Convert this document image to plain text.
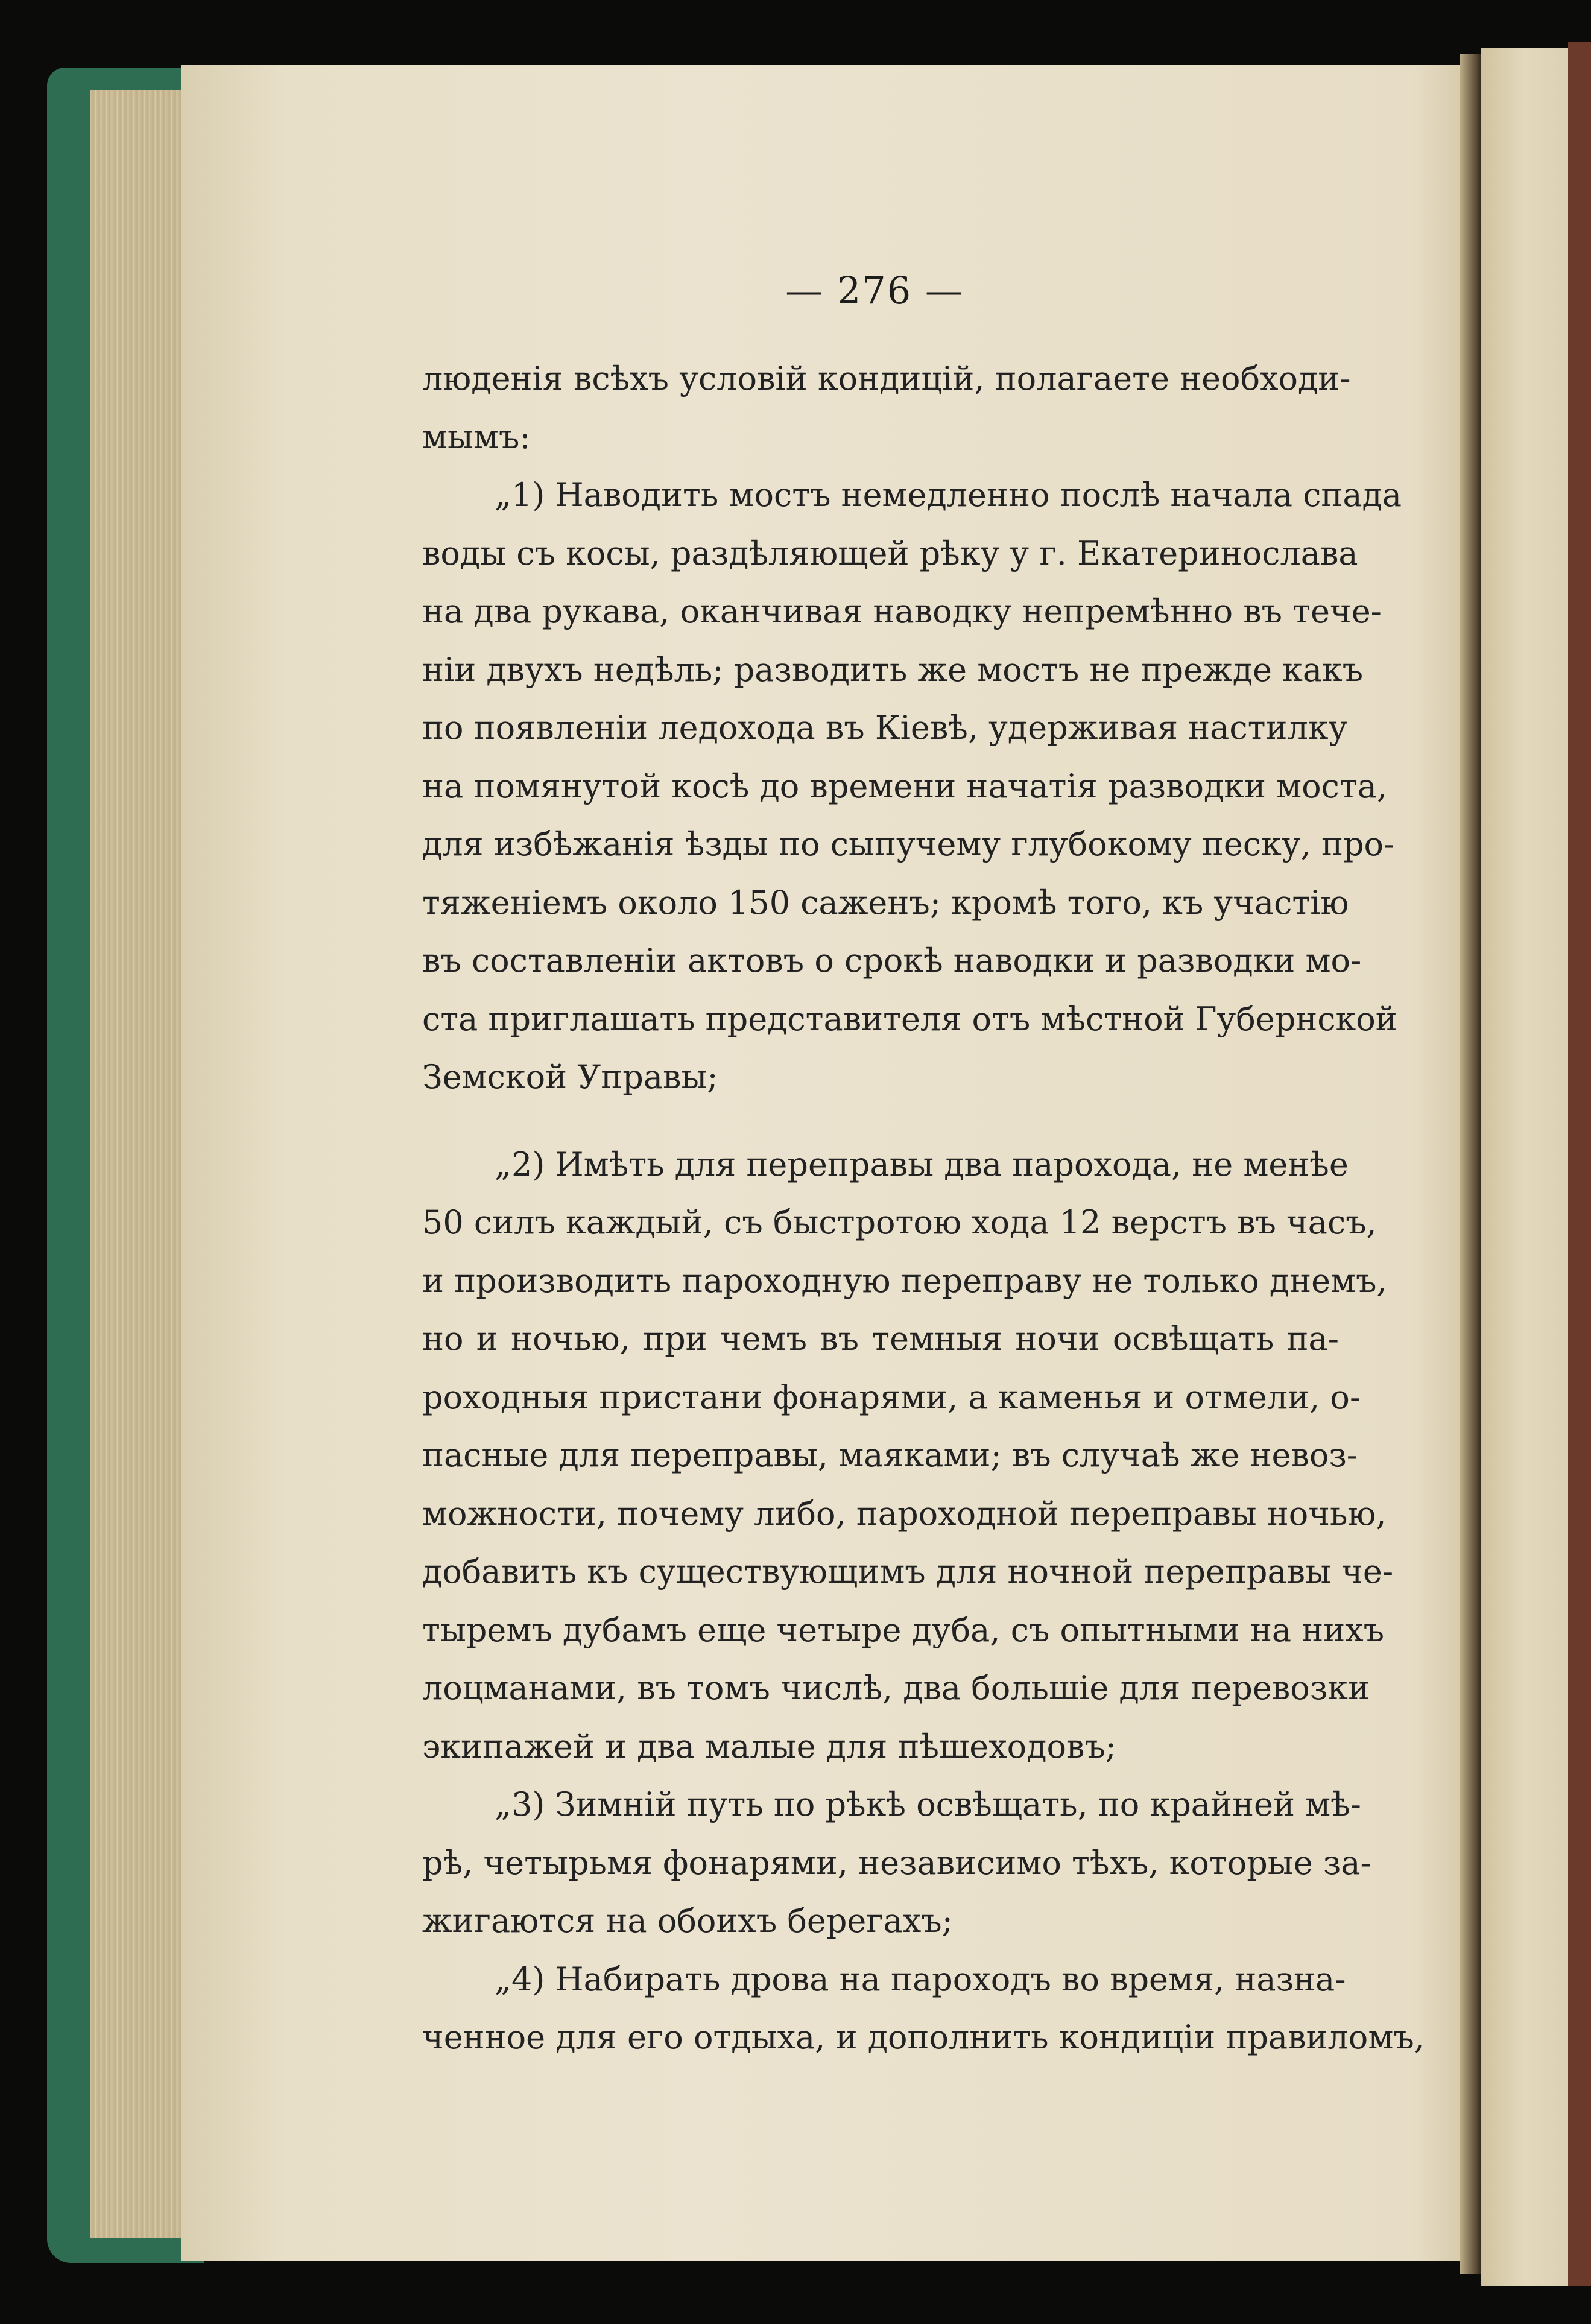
— 276 —
люденія всѣхъ условій кондицій, полагаете необходи-
мымъ:
„1) Наводить мостъ немедленно послѣ начала спада
воды съ косы, раздѣляющей рѣку у г. Екатеринослава
на два рукава, оканчивая наводку непремѣнно въ тече-
ніи двухъ недѣль; разводить же мостъ не прежде какъ
по появленіи ледохода въ Кіевѣ, удерживая настилку
на помянутой косѣ до времени начатія разводки моста,
для избѣжанія ѣзды по сыпучему глубокому песку, про-
тяженіемъ около 150 саженъ; кромѣ того, къ участію
въ составленіи актовъ о срокѣ наводки и разводки мо-
ста приглашать представителя отъ мѣстной Губернской
Земской Управы;
„2) Имѣть для переправы два парохода, не менѣе
50 силъ каждый, съ быстротою хода 12 верстъ въ часъ,
и производить пароходную переправу не только днемъ,
но и ночью, при чемъ въ темныя ночи освѣщать па-
роходныя пристани фонарями, а каменья и отмели, о-
пасные для переправы, маяками; въ случаѣ же невоз-
можности, почему либо, пароходной переправы ночью,
добавить къ существующимъ для ночной переправы че-
тыремъ дубамъ еще четыре дуба, съ опытными на нихъ
лоцманами, въ томъ числѣ, два большіе для перевозки
экипажей и два малые для пѣшеходовъ;
„3) Зимній путь по рѣкѣ освѣщать, по крайней мѣ-
рѣ, четырьмя фонарями, независимо тѣхъ, которые за-
жигаются на обоихъ берегахъ;
„4) Набирать дрова на пароходъ во время, назна-
ченное для его отдыха, и дополнить кондиціи правиломъ,
